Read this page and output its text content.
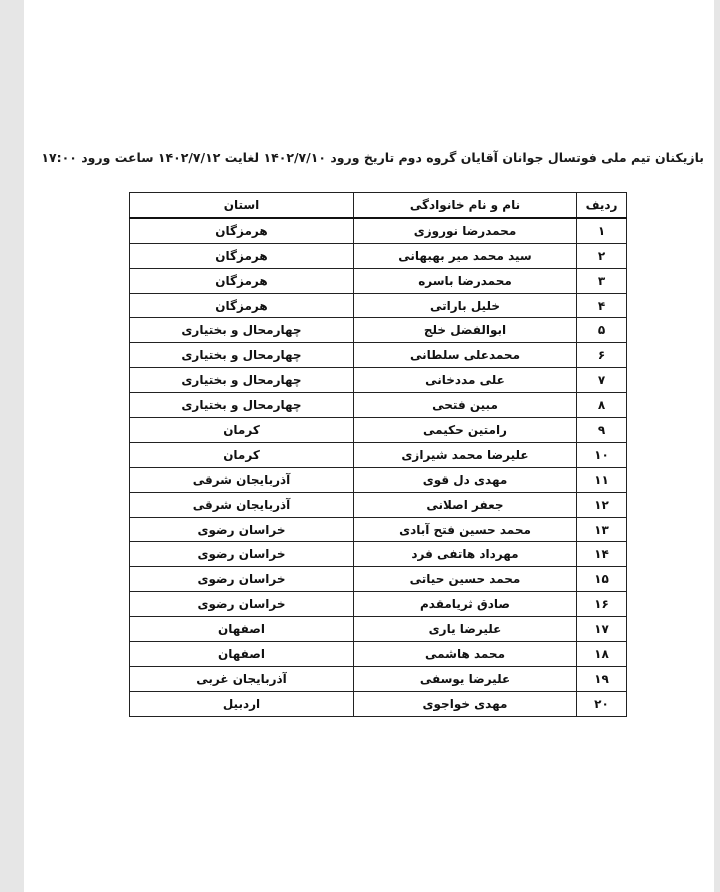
بازیکنان تیم ملی فوتسال جوانان آقایان گروه دوم تاریخ ورود ۱۴۰۲/۷/۱۰ لغایت ۱۴۰۲/۷/۱۲ ساعت ورود ۱۷:۰۰
ردیف	نام و نام خانوادگی	استان
۱	محمدرضا نوروزی	هرمزگان
۲	سید محمد میر بهبهانی	هرمزگان
۳	محمدرضا باسره	هرمزگان
۴	خلیل باراتی	هرمزگان
۵	ابوالفضل خلج	چهارمحال و بختیاری
۶	محمدعلی سلطانی	چهارمحال و بختیاری
۷	علی مددخانی	چهارمحال و بختیاری
۸	مبین فتحی	چهارمحال و بختیاری
۹	رامتین حکیمی	کرمان
۱۰	علیرضا محمد شیرازی	کرمان
۱۱	مهدی دل قوی	آذربایجان شرقی
۱۲	جعفر اصلانی	آذربایجان شرقی
۱۳	محمد حسین فتح آبادی	خراسان رضوی
۱۴	مهرداد هاتفی فرد	خراسان رضوی
۱۵	محمد حسین حیاتی	خراسان رضوی
۱۶	صادق ثریامقدم	خراسان رضوی
۱۷	علیرضا یاری	اصفهان
۱۸	محمد هاشمی	اصفهان
۱۹	علیرضا یوسفی	آذربایجان غربی
۲۰	مهدی خواجوی	اردبیل
